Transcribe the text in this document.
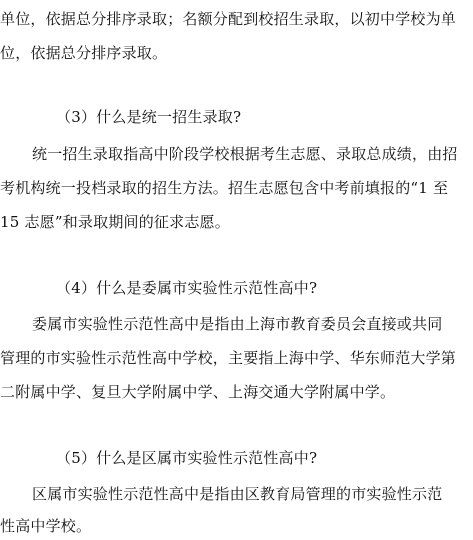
单位，依据总分排序录取；名额分配到校招生录取，以初中学校为单
位，依据总分排序录取。
（3）什么是统一招生录取?
统一招生录取指高中阶段学校根据考生志愿、录取总成绩，由招
考机构统一投档录取的招生方法。招生志愿包含中考前填报的“1 至
15 志愿”和录取期间的征求志愿。
（4）什么是委属市实验性示范性高中?
委属市实验性示范性高中是指由上海市教育委员会直接或共同
管理的市实验性示范性高中学校，主要指上海中学、华东师范大学第
二附属中学、复旦大学附属中学、上海交通大学附属中学。
（5）什么是区属市实验性示范性高中?
区属市实验性示范性高中是指由区教育局管理的市实验性示范
性高中学校。
